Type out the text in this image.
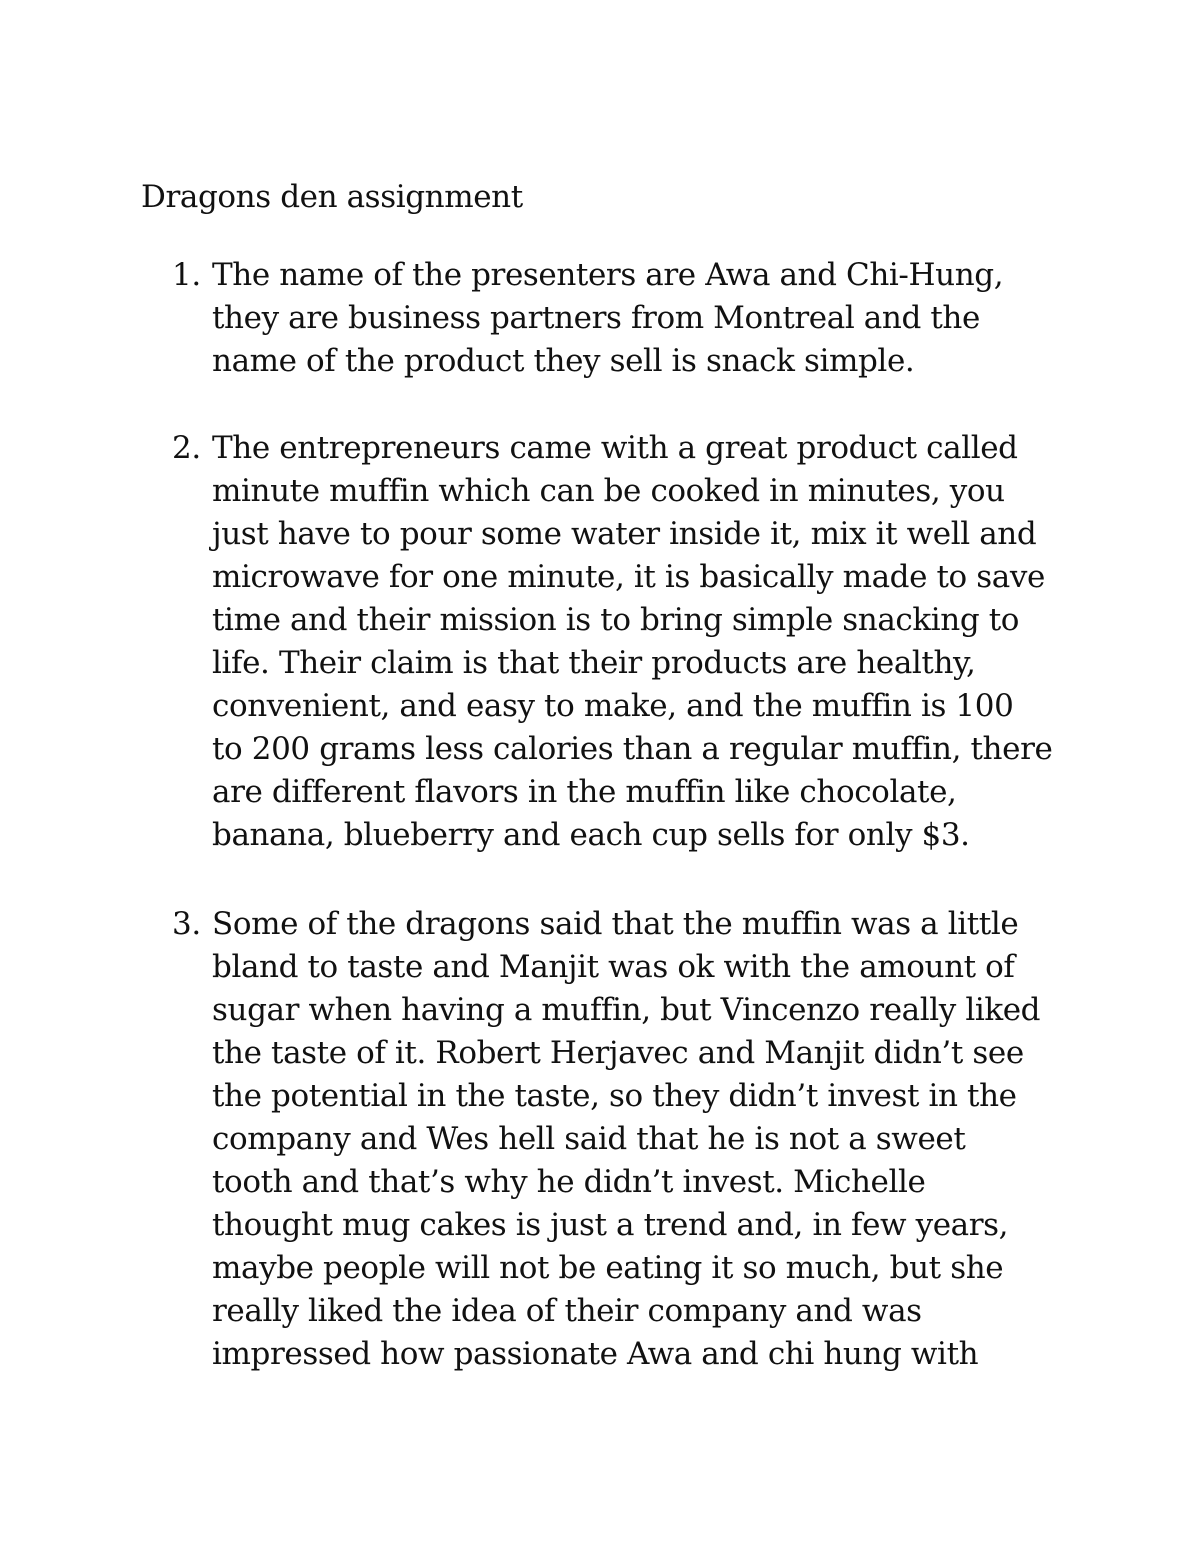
Dragons den assignment
1. The name of the presenters are Awa and Chi-Hung,
they are business partners from Montreal and the
name of the product they sell is snack simple.
2. The entrepreneurs came with a great product called
minute muffin which can be cooked in minutes, you
just have to pour some water inside it, mix it well and
microwave for one minute, it is basically made to save
time and their mission is to bring simple snacking to
life. Their claim is that their products are healthy,
convenient, and easy to make, and the muffin is 100
to 200 grams less calories than a regular muffin, there
are different flavors in the muffin like chocolate,
banana, blueberry and each cup sells for only $3.
3. Some of the dragons said that the muffin was a little
bland to taste and Manjit was ok with the amount of
sugar when having a muffin, but Vincenzo really liked
the taste of it. Robert Herjavec and Manjit didn’t see
the potential in the taste, so they didn’t invest in the
company and Wes hell said that he is not a sweet
tooth and that’s why he didn’t invest. Michelle
thought mug cakes is just a trend and, in few years,
maybe people will not be eating it so much, but she
really liked the idea of their company and was
impressed how passionate Awa and chi hung with
